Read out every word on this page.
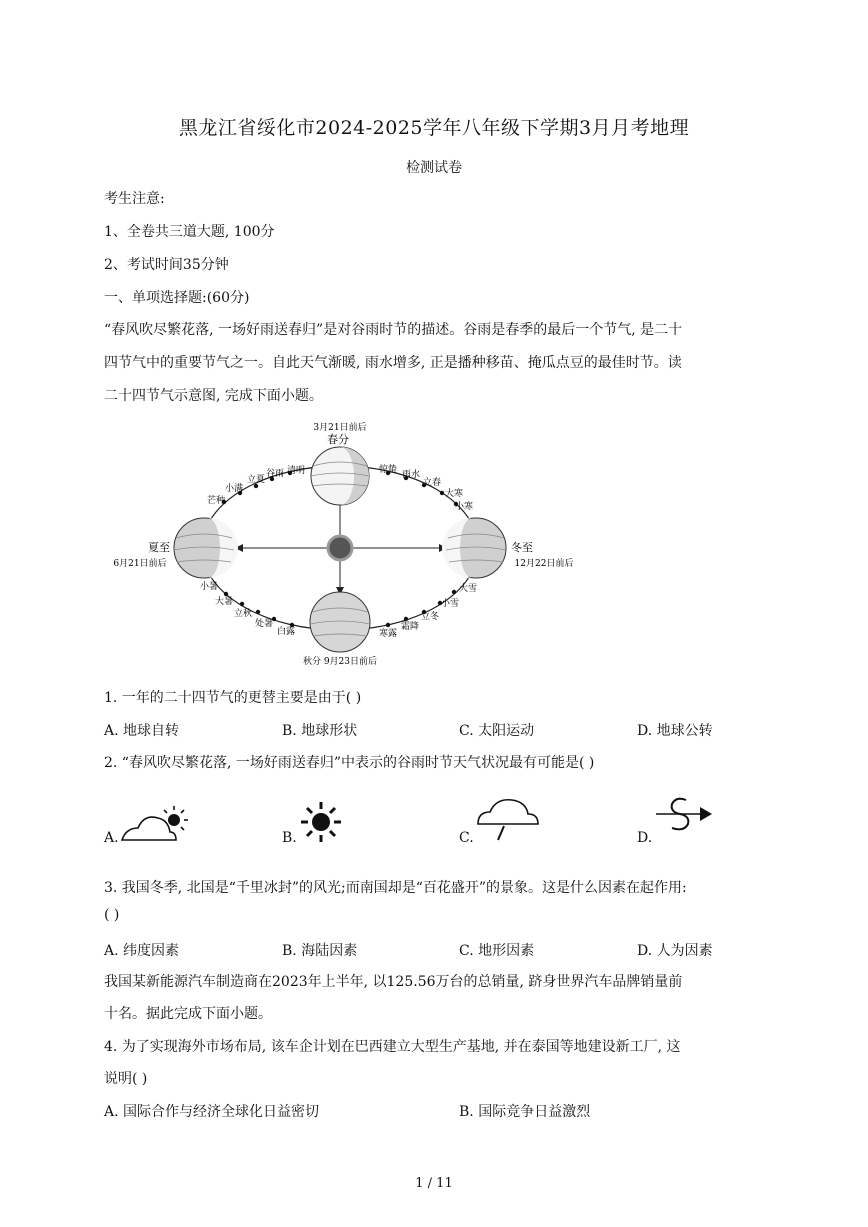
黑龙江省绥化市2024-2025学年八年级下学期3月月考地理
检测试卷
考生注意:
1、全卷共三道大题, 100分
2、考试时间35分钟
一、单项选择题:(60分)
“春风吹尽繁花落, 一场好雨送春归”是对谷雨时节的描述。谷雨是春季的最后一个节气, 是二十
四节气中的重要节气之一。自此天气渐暖, 雨水增多, 正是播种移苗、掩瓜点豆的最佳时节。读
二十四节气示意图, 完成下面小题。
3月21日前后
春分
夏至
6月21日前后
冬至
12月22日前后
秋分 9月23日前后
芒种
小满
立夏
谷雨 清明	惊蛰 雨水
立春
大寒
小寒
小暑
大暑
立秋
处暑
白露
大雪
小雪
立冬
霜降
寒露
1. 一年的二十四节气的更替主要是由于( )
A. 地球自转	B. 地球形状	C. 太阳运动	D. 地球公转
2. “春风吹尽繁花落, 一场好雨送春归”中表示的谷雨时节天气状况最有可能是( )
A.	B.	C.	D.
3. 我国冬季, 北国是“千里冰封”的风光;而南国却是“百花盛开”的景象。这是什么因素在起作用:
( )
A. 纬度因素	B. 海陆因素	C. 地形因素	D. 人为因素
我国某新能源汽车制造商在2023年上半年, 以125.56万台的总销量, 跻身世界汽车品牌销量前
十名。据此完成下面小题。
4. 为了实现海外市场布局, 该车企计划在巴西建立大型生产基地, 并在泰国等地建设新工厂, 这
说明( )
A. 国际合作与经济全球化日益密切	B. 国际竞争日益激烈
1 / 11
